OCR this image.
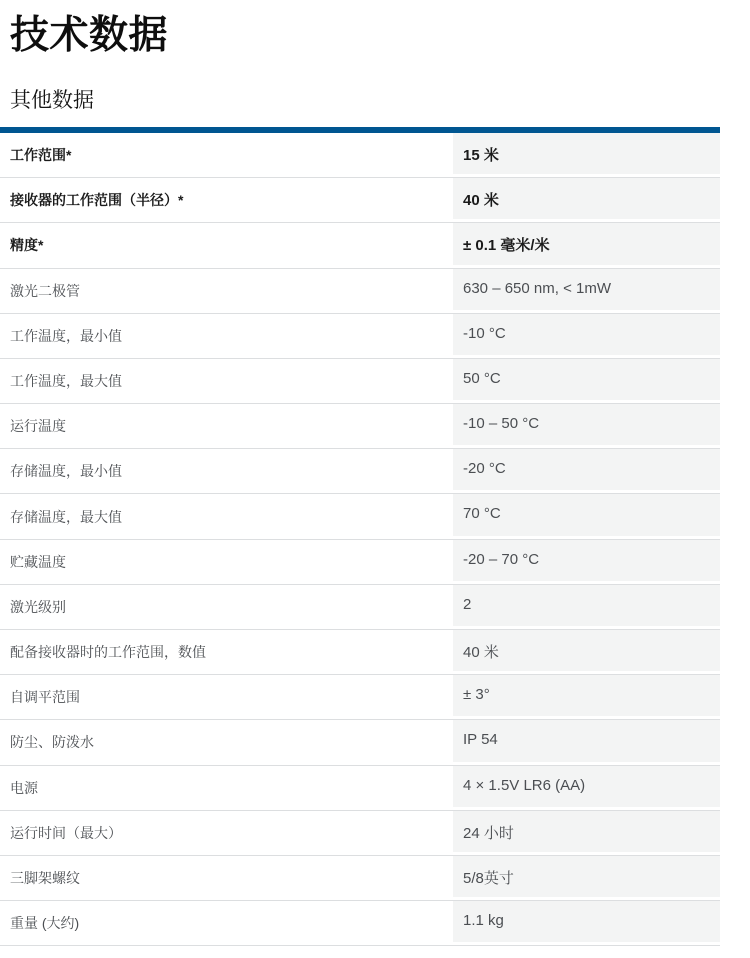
技术数据
其他数据
工作范围*	15 米
接收器的工作范围（半径）*	40 米
精度*	± 0.1 毫米/米
激光二极管	630 – 650 nm, < 1mW
工作温度，最小值	-10 °C
工作温度，最大值	50 °C
运行温度	-10 – 50 °C
存储温度，最小值	-20 °C
存储温度，最大值	70 °C
贮藏温度	-20 – 70 °C
激光级别	2
配备接收器时的工作范围，数值	40 米
自调平范围	± 3°
防尘、防泼水	IP 54
电源	4 × 1.5V LR6 (AA)
运行时间（最大）	24 小时
三脚架螺纹	5/8英寸
重量 (大约)	1.1 kg
